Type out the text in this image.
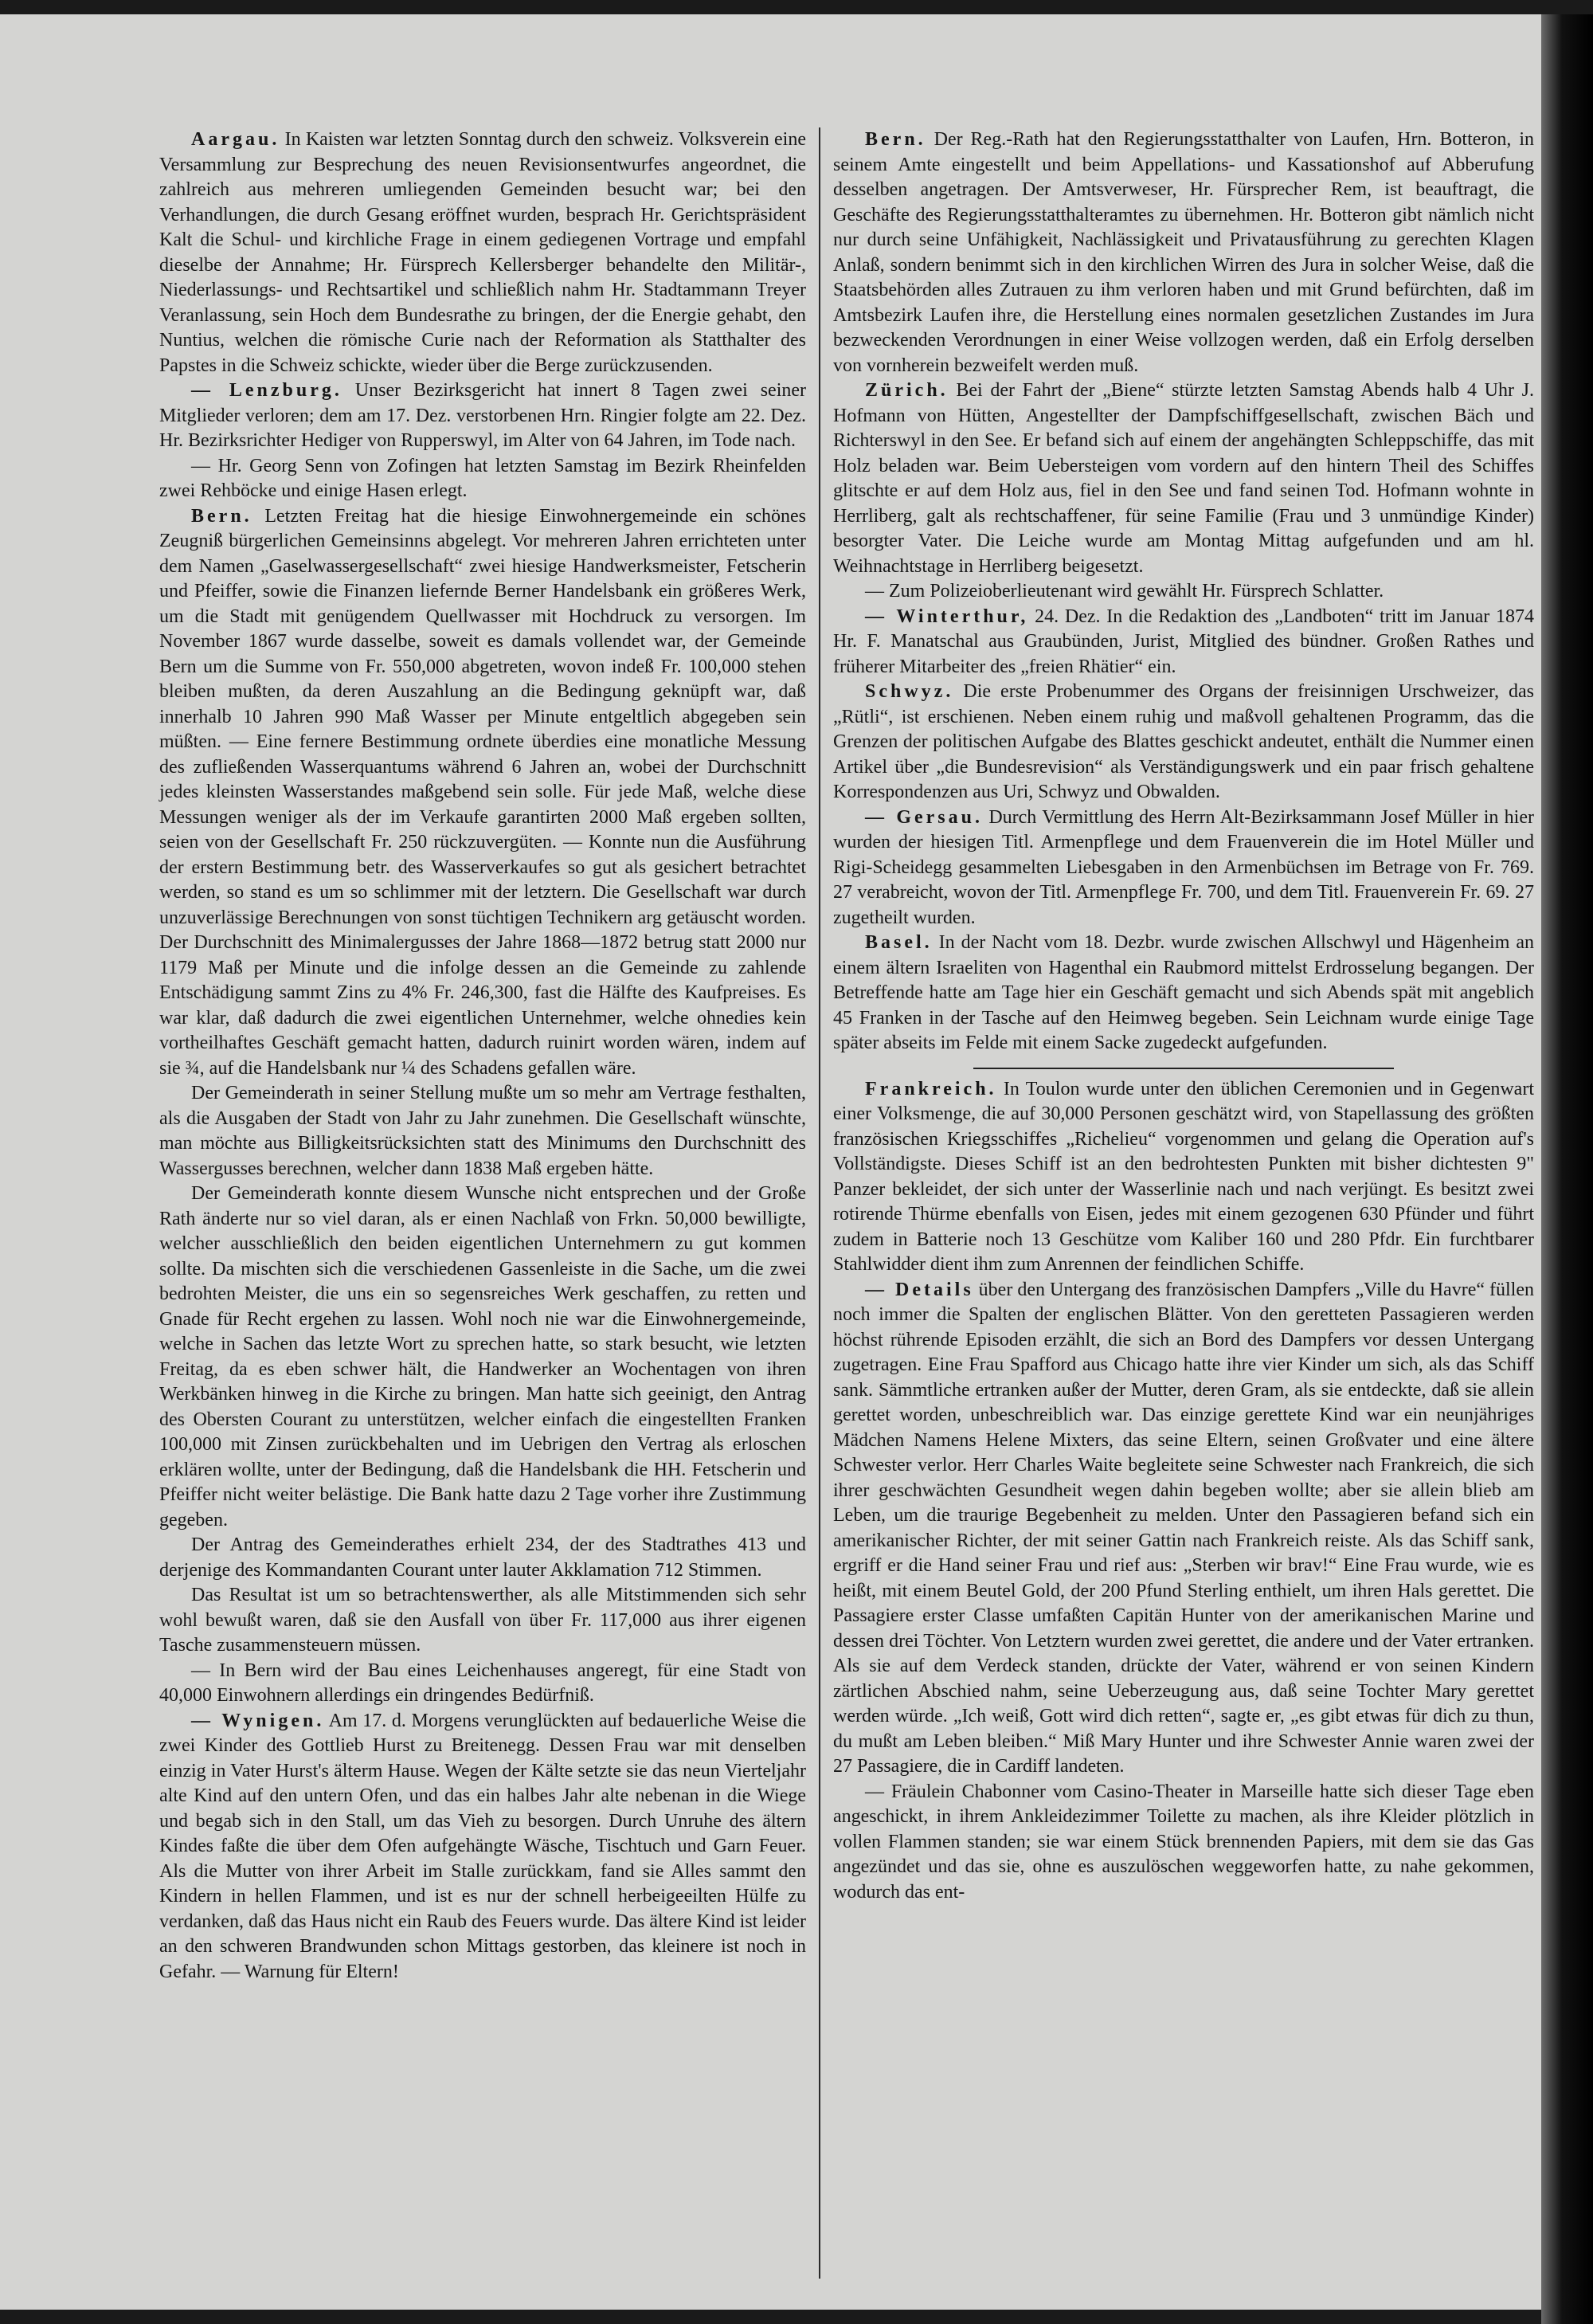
Aargau. In Kaisten war letzten Sonntag durch den schweiz. Volksverein eine Versammlung zur Besprechung des neuen Revisionsentwurfes angeordnet, die zahlreich aus mehreren umliegenden Gemeinden besucht war; bei den Verhandlungen, die durch Gesang eröffnet wurden, besprach Hr. Gerichtspräsident Kalt die Schul- und kirchliche Frage in einem gediegenen Vortrage und empfahl dieselbe der Annahme; Hr. Fürsprech Kellersberger behandelte den Militär-, Niederlassungs- und Rechtsartikel und schließlich nahm Hr. Stadtammann Treyer Veranlassung, sein Hoch dem Bundesrathe zu bringen, der die Energie gehabt, den Nuntius, welchen die römische Curie nach der Reformation als Statthalter des Papstes in die Schweiz schickte, wieder über die Berge zurückzusenden.

— Lenzburg. Unser Bezirksgericht hat innert 8 Tagen zwei seiner Mitglieder verloren; dem am 17. Dez. verstorbenen Hrn. Ringier folgte am 22. Dez. Hr. Bezirksrichter Hediger von Rupperswyl, im Alter von 64 Jahren, im Tode nach.

— Hr. Georg Senn von Zofingen hat letzten Samstag im Bezirk Rheinfelden zwei Rehböcke und einige Hasen erlegt.

Bern. Letzten Freitag hat die hiesige Einwohnergemeinde ein schönes Zeugniß bürgerlichen Gemeinsinns abgelegt. Vor mehreren Jahren errichteten unter dem Namen „Gaselwassergesellschaft“ zwei hiesige Handwerksmeister, Fetscherin und Pfeiffer, sowie die Finanzen liefernde Berner Handelsbank ein größeres Werk, um die Stadt mit genügendem Quellwasser mit Hochdruck zu versorgen. Im November 1867 wurde dasselbe, soweit es damals vollendet war, der Gemeinde Bern um die Summe von Fr. 550,000 abgetreten, wovon indeß Fr. 100,000 stehen bleiben mußten, da deren Auszahlung an die Bedingung geknüpft war, daß innerhalb 10 Jahren 990 Maß Wasser per Minute entgeltlich abgegeben sein müßten. — Eine fernere Bestimmung ordnete überdies eine monatliche Messung des zufließenden Wasserquantums während 6 Jahren an, wobei der Durchschnitt jedes kleinsten Wasserstandes maßgebend sein solle. Für jede Maß, welche diese Messungen weniger als der im Verkaufe garantirten 2000 Maß ergeben sollten, seien von der Gesellschaft Fr. 250 rückzuvergüten. — Konnte nun die Ausführung der erstern Bestimmung betr. des Wasserverkaufes so gut als gesichert betrachtet werden, so stand es um so schlimmer mit der letztern. Die Gesellschaft war durch unzuverlässige Berechnungen von sonst tüchtigen Technikern arg getäuscht worden. Der Durchschnitt des Minimalergusses der Jahre 1868—1872 betrug statt 2000 nur 1179 Maß per Minute und die infolge dessen an die Gemeinde zu zahlende Entschädigung sammt Zins zu 4% Fr. 246,300, fast die Hälfte des Kaufpreises. Es war klar, daß dadurch die zwei eigentlichen Unternehmer, welche ohnedies kein vortheilhaftes Geschäft gemacht hatten, dadurch ruinirt worden wären, indem auf sie ¾, auf die Handelsbank nur ¼ des Schadens gefallen wäre.

Der Gemeinderath in seiner Stellung mußte um so mehr am Vertrage festhalten, als die Ausgaben der Stadt von Jahr zu Jahr zunehmen. Die Gesellschaft wünschte, man möchte aus Billigkeitsrücksichten statt des Minimums den Durchschnitt des Wassergusses berechnen, welcher dann 1838 Maß ergeben hätte.

Der Gemeinderath konnte diesem Wunsche nicht entsprechen und der Große Rath änderte nur so viel daran, als er einen Nachlaß von Frkn. 50,000 bewilligte, welcher ausschließlich den beiden eigentlichen Unternehmern zu gut kommen sollte. Da mischten sich die verschiedenen Gassenleiste in die Sache, um die zwei bedrohten Meister, die uns ein so segensreiches Werk geschaffen, zu retten und Gnade für Recht ergehen zu lassen. Wohl noch nie war die Einwohnergemeinde, welche in Sachen das letzte Wort zu sprechen hatte, so stark besucht, wie letzten Freitag, da es eben schwer hält, die Handwerker an Wochentagen von ihren Werkbänken hinweg in die Kirche zu bringen. Man hatte sich geeinigt, den Antrag des Obersten Courant zu unterstützen, welcher einfach die eingestellten Franken 100,000 mit Zinsen zurückbehalten und im Uebrigen den Vertrag als erloschen erklären wollte, unter der Bedingung, daß die Handelsbank die HH. Fetscherin und Pfeiffer nicht weiter belästige. Die Bank hatte dazu 2 Tage vorher ihre Zustimmung gegeben.

Der Antrag des Gemeinderathes erhielt 234, der des Stadtrathes 413 und derjenige des Kommandanten Courant unter lauter Akklamation 712 Stimmen.

Das Resultat ist um so betrachtenswerther, als alle Mitstimmenden sich sehr wohl bewußt waren, daß sie den Ausfall von über Fr. 117,000 aus ihrer eigenen Tasche zusammensteuern müssen.

— In Bern wird der Bau eines Leichenhauses angeregt, für eine Stadt von 40,000 Einwohnern allerdings ein dringendes Bedürfniß.

— Wynigen. Am 17. d. Morgens verunglückten auf bedauerliche Weise die zwei Kinder des Gottlieb Hurst zu Breitenegg. Dessen Frau war mit denselben einzig in Vater Hurst's älterm Hause. Wegen der Kälte setzte sie das neun Vierteljahr alte Kind auf den untern Ofen, und das ein halbes Jahr alte nebenan in die Wiege und begab sich in den Stall, um das Vieh zu besorgen. Durch Unruhe des ältern Kindes faßte die über dem Ofen aufgehängte Wäsche, Tischtuch und Garn Feuer. Als die Mutter von ihrer Arbeit im Stalle zurückkam, fand sie Alles sammt den Kindern in hellen Flammen, und ist es nur der schnell herbeigeeilten Hülfe zu verdanken, daß das Haus nicht ein Raub des Feuers wurde. Das ältere Kind ist leider an den schweren Brandwunden schon Mittags gestorben, das kleinere ist noch in Gefahr. — Warnung für Eltern!

Bern. Der Reg.-Rath hat den Regierungsstatthalter von Laufen, Hrn. Botteron, in seinem Amte eingestellt und beim Appellations- und Kassationshof auf Abberufung desselben angetragen. Der Amtsverweser, Hr. Fürsprecher Rem, ist beauftragt, die Geschäfte des Regierungsstatthalteramtes zu übernehmen. Hr. Botteron gibt nämlich nicht nur durch seine Unfähigkeit, Nachlässigkeit und Privatausführung zu gerechten Klagen Anlaß, sondern benimmt sich in den kirchlichen Wirren des Jura in solcher Weise, daß die Staatsbehörden alles Zutrauen zu ihm verloren haben und mit Grund befürchten, daß im Amtsbezirk Laufen ihre, die Herstellung eines normalen gesetzlichen Zustandes im Jura bezweckenden Verordnungen in einer Weise vollzogen werden, daß ein Erfolg derselben von vornherein bezweifelt werden muß.

Zürich. Bei der Fahrt der „Biene“ stürzte letzten Samstag Abends halb 4 Uhr J. Hofmann von Hütten, Angestellter der Dampfschiffgesellschaft, zwischen Bäch und Richterswyl in den See. Er befand sich auf einem der angehängten Schleppschiffe, das mit Holz beladen war. Beim Uebersteigen vom vordern auf den hintern Theil des Schiffes glitschte er auf dem Holz aus, fiel in den See und fand seinen Tod. Hofmann wohnte in Herrliberg, galt als rechtschaffener, für seine Familie (Frau und 3 unmündige Kinder) besorgter Vater. Die Leiche wurde am Montag Mittag aufgefunden und am hl. Weihnachtstage in Herrliberg beigesetzt.

— Zum Polizeioberlieutenant wird gewählt Hr. Fürsprech Schlatter.

— Winterthur, 24. Dez. In die Redaktion des „Landboten“ tritt im Januar 1874 Hr. F. Manatschal aus Graubünden, Jurist, Mitglied des bündner. Großen Rathes und früherer Mitarbeiter des „freien Rhätier“ ein.

Schwyz. Die erste Probenummer des Organs der freisinnigen Urschweizer, das „Rütli“, ist erschienen. Neben einem ruhig und maßvoll gehaltenen Programm, das die Grenzen der politischen Aufgabe des Blattes geschickt andeutet, enthält die Nummer einen Artikel über „die Bundesrevision“ als Verständigungswerk und ein paar frisch gehaltene Korrespondenzen aus Uri, Schwyz und Obwalden.

— Gersau. Durch Vermittlung des Herrn Alt-Bezirksammann Josef Müller in hier wurden der hiesigen Titl. Armenpflege und dem Frauenverein die im Hotel Müller und Rigi-Scheidegg gesammelten Liebesgaben in den Armenbüchsen im Betrage von Fr. 769. 27 verabreicht, wovon der Titl. Armenpflege Fr. 700, und dem Titl. Frauenverein Fr. 69. 27 zugetheilt wurden.

Basel. In der Nacht vom 18. Dezbr. wurde zwischen Allschwyl und Hägenheim an einem ältern Israeliten von Hagenthal ein Raubmord mittelst Erdrosselung begangen. Der Betreffende hatte am Tage hier ein Geschäft gemacht und sich Abends spät mit angeblich 45 Franken in der Tasche auf den Heimweg begeben. Sein Leichnam wurde einige Tage später abseits im Felde mit einem Sacke zugedeckt aufgefunden.

Frankreich. In Toulon wurde unter den üblichen Ceremonien und in Gegenwart einer Volksmenge, die auf 30,000 Personen geschätzt wird, von Stapellassung des größten französischen Kriegsschiffes „Richelieu“ vorgenommen und gelang die Operation auf's Vollständigste. Dieses Schiff ist an den bedrohtesten Punkten mit bisher dichtesten 9" Panzer bekleidet, der sich unter der Wasserlinie nach und nach verjüngt. Es besitzt zwei rotirende Thürme ebenfalls von Eisen, jedes mit einem gezogenen 630 Pfünder und führt zudem in Batterie noch 13 Geschütze vom Kaliber 160 und 280 Pfdr. Ein furchtbarer Stahlwidder dient ihm zum Anrennen der feindlichen Schiffe.

— Details über den Untergang des französischen Dampfers „Ville du Havre“ füllen noch immer die Spalten der englischen Blätter. Von den geretteten Passagieren werden höchst rührende Episoden erzählt, die sich an Bord des Dampfers vor dessen Untergang zugetragen. Eine Frau Spafford aus Chicago hatte ihre vier Kinder um sich, als das Schiff sank. Sämmtliche ertranken außer der Mutter, deren Gram, als sie entdeckte, daß sie allein gerettet worden, unbeschreiblich war. Das einzige gerettete Kind war ein neunjähriges Mädchen Namens Helene Mixters, das seine Eltern, seinen Großvater und eine ältere Schwester verlor. Herr Charles Waite begleitete seine Schwester nach Frankreich, die sich ihrer geschwächten Gesundheit wegen dahin begeben wollte; aber sie allein blieb am Leben, um die traurige Begebenheit zu melden. Unter den Passagieren befand sich ein amerikanischer Richter, der mit seiner Gattin nach Frankreich reiste. Als das Schiff sank, ergriff er die Hand seiner Frau und rief aus: „Sterben wir brav!“ Eine Frau wurde, wie es heißt, mit einem Beutel Gold, der 200 Pfund Sterling enthielt, um ihren Hals gerettet. Die Passagiere erster Classe umfaßten Capitän Hunter von der amerikanischen Marine und dessen drei Töchter. Von Letztern wurden zwei gerettet, die andere und der Vater ertranken. Als sie auf dem Verdeck standen, drückte der Vater, während er von seinen Kindern zärtlichen Abschied nahm, seine Ueberzeugung aus, daß seine Tochter Mary gerettet werden würde. „Ich weiß, Gott wird dich retten“, sagte er, „es gibt etwas für dich zu thun, du mußt am Leben bleiben.“ Miß Mary Hunter und ihre Schwester Annie waren zwei der 27 Passagiere, die in Cardiff landeten.

— Fräulein Chabonner vom Casino-Theater in Marseille hatte sich dieser Tage eben angeschickt, in ihrem Ankleidezimmer Toilette zu machen, als ihre Kleider plötzlich in vollen Flammen standen; sie war einem Stück brennenden Papiers, mit dem sie das Gas angezündet und das sie, ohne es auszulöschen weggeworfen hatte, zu nahe gekommen, wodurch das ent-
